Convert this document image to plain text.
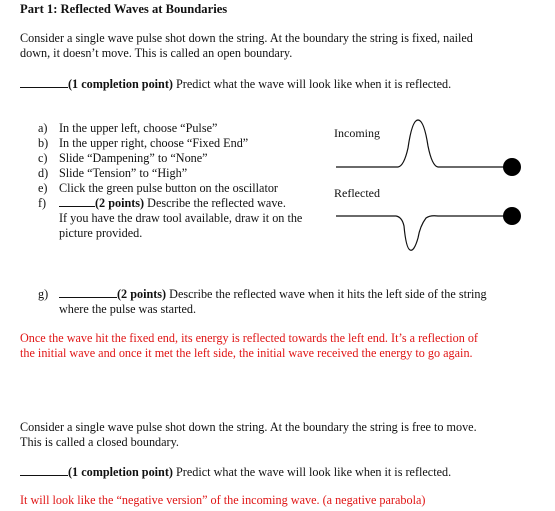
Part 1: Reflected Waves at Boundaries
Consider a single wave pulse shot down the string. At the boundary the string is fixed, nailed
down, it doesn’t move. This is called an open boundary.
(1 completion point) Predict what the wave will look like when it is reflected.
a) In the upper left, choose “Pulse”
b) In the upper right, choose “Fixed End”
c) Slide “Dampening” to “None”
d) Slide “Tension” to “High”
e) Click the green pulse button on the oscillator
f)	(2 points) Describe the reflected wave.
If you have the draw tool available, draw it on the
picture provided.
Incoming
Reflected
g)	(2 points) Describe the reflected wave when it hits the left side of the string
where the pulse was started.
Once the wave hit the fixed end, its energy is reflected towards the left end. It’s a reflection of
the initial wave and once it met the left side, the initial wave received the energy to go again.
Consider a single wave pulse shot down the string. At the boundary the string is free to move.
This is called a closed boundary.
(1 completion point) Predict what the wave will look like when it is reflected.
It will look like the “negative version” of the incoming wave. (a negative parabola)
